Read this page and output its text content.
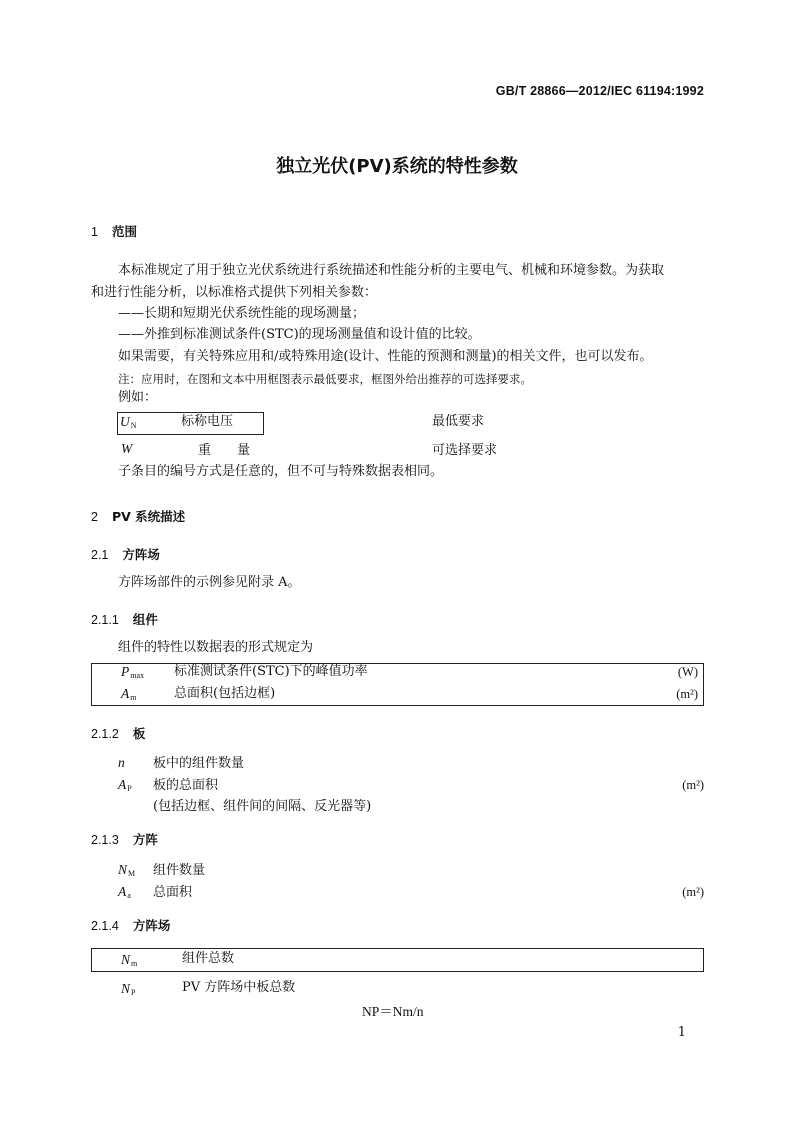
GB/T 28866—2012/IEC 61194:1992
独立光伏(PV)系统的特性参数
1 范围
本标准规定了用于独立光伏系统进行系统描述和性能分析的主要电气、机械和环境参数。为获取
和进行性能分析，以标准格式提供下列相关参数：
——长期和短期光伏系统性能的现场测量；
——外推到标准测试条件(STC)的现场测量值和设计值的比较。
如果需要，有关特殊应用和/或特殊用途(设计、性能的预测和测量)的相关文件，也可以发布。
注：应用时，在图和文本中用框图表示最低要求，框图外给出推荐的可选择要求。
例如：
$U_N$	标称电压	最低要求
W	重　　量	可选择要求
子条目的编号方式是任意的，但不可与特殊数据表相同。
2 PV 系统描述
2.1 方阵场
方阵场部件的示例参见附录 A。
2.1.1 组件
组件的特性以数据表的形式规定为
$P_{max}$ 标准测试条件(STC)下的峰值功率	(W)
$A_m$	总面积(包括边框)	(m²)
2.1.2 板
n 板中的组件数量
$A_P$ 板的总面积	(m²)
(包括边框、组件间的间隔、反光器等)
2.1.3 方阵
$N_M$ 组件数量
$A_a$ 总面积	(m²)
2.1.4 方阵场
$N_m$	组件总数
$N_P$	PV 方阵场中板总数
NP＝Nm/n
1
